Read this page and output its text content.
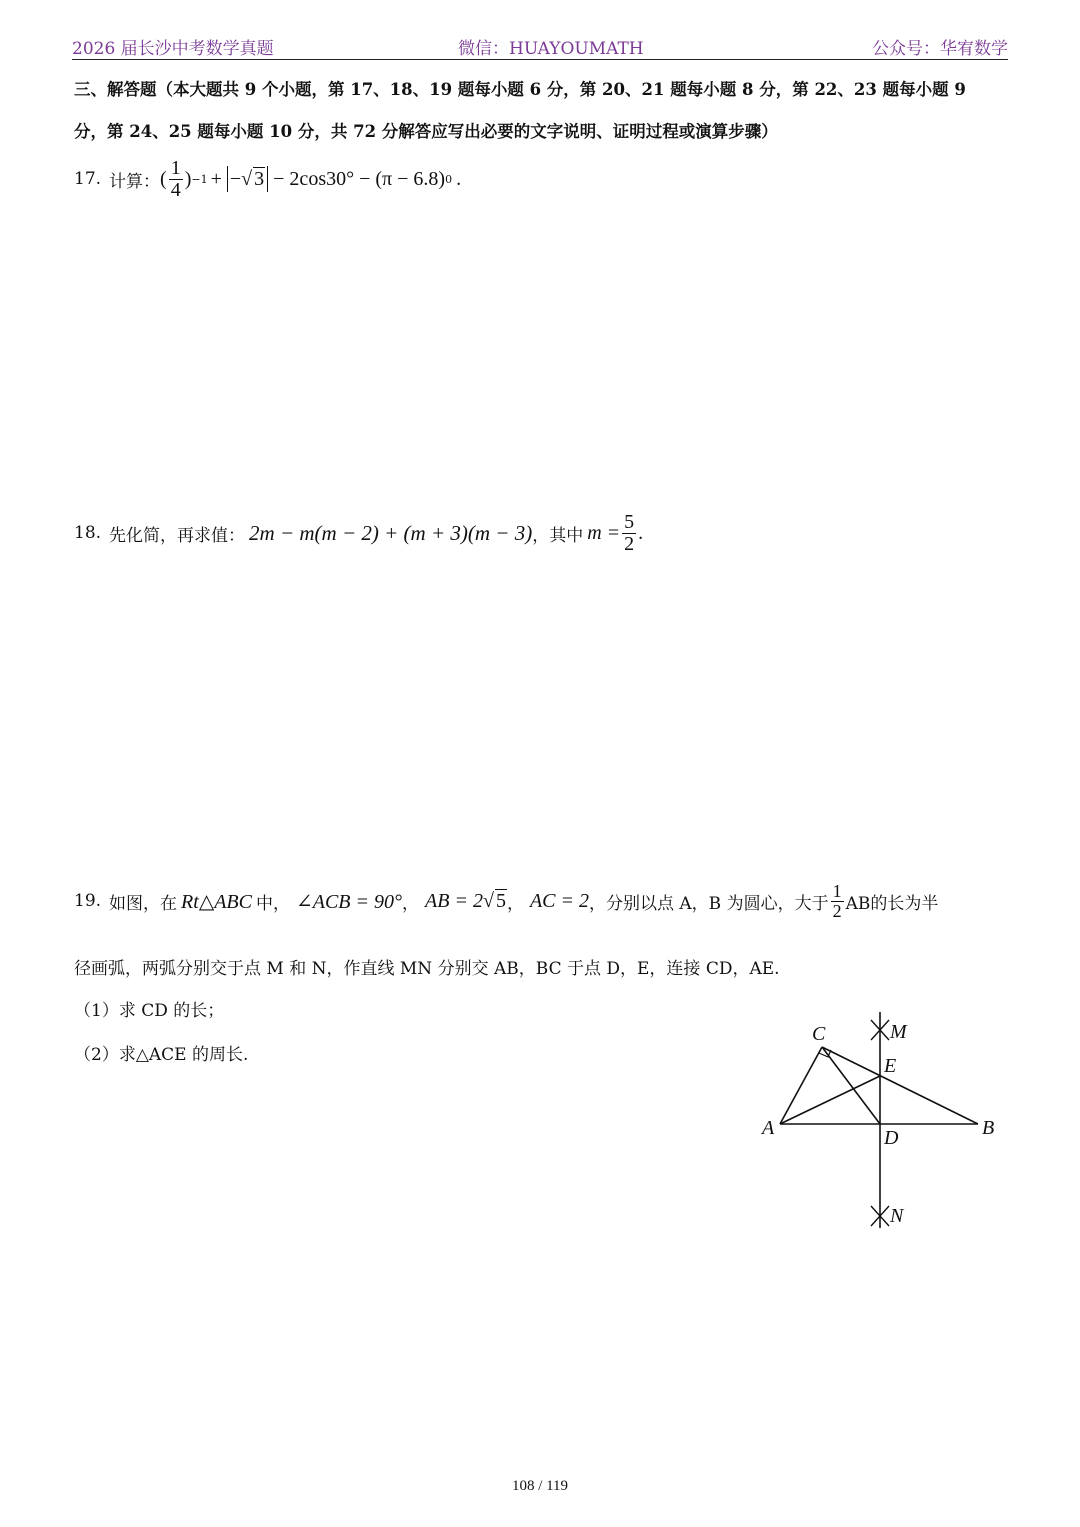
2026 届长沙中考数学真题	微信：HUAYOUMATH	公众号：华宥数学
三、解答题（本大题共 9 个小题，第 17、18、19 题每小题 6 分，第 20、21 题每小题 8 分，第 22、23 题每小题 9
分，第 24、25 题每小题 10 分，共 72 分解答应写出必要的文字说明、证明过程或演算步骤）
17. 计算： ( $\frac{1}{4}$ ) −1 + − √ 3 − 2cos30° − (π − 6.8) 0 .
18. 先化简，再求值： 2m − m(m − 2) + (m + 3)(m − 3) ，其中 $m = \frac{5}{2}$ .
19. 如图，在 Rt△ABC 中， ∠ACB = 90° ， AB = 2 √ 5 ， AC = 2 ，分别以点 A，B 为圆心，大于 $\frac{1}{2}$ AB的长为半
径画弧，两弧分别交于点 M 和 N，作直线 MN 分别交 AB，BC 于点 D，E，连接 CD，AE.
（1）求 CD 的长；
（2）求△ACE 的周长.
C	M
E
A	D	B
N
108 / 119
